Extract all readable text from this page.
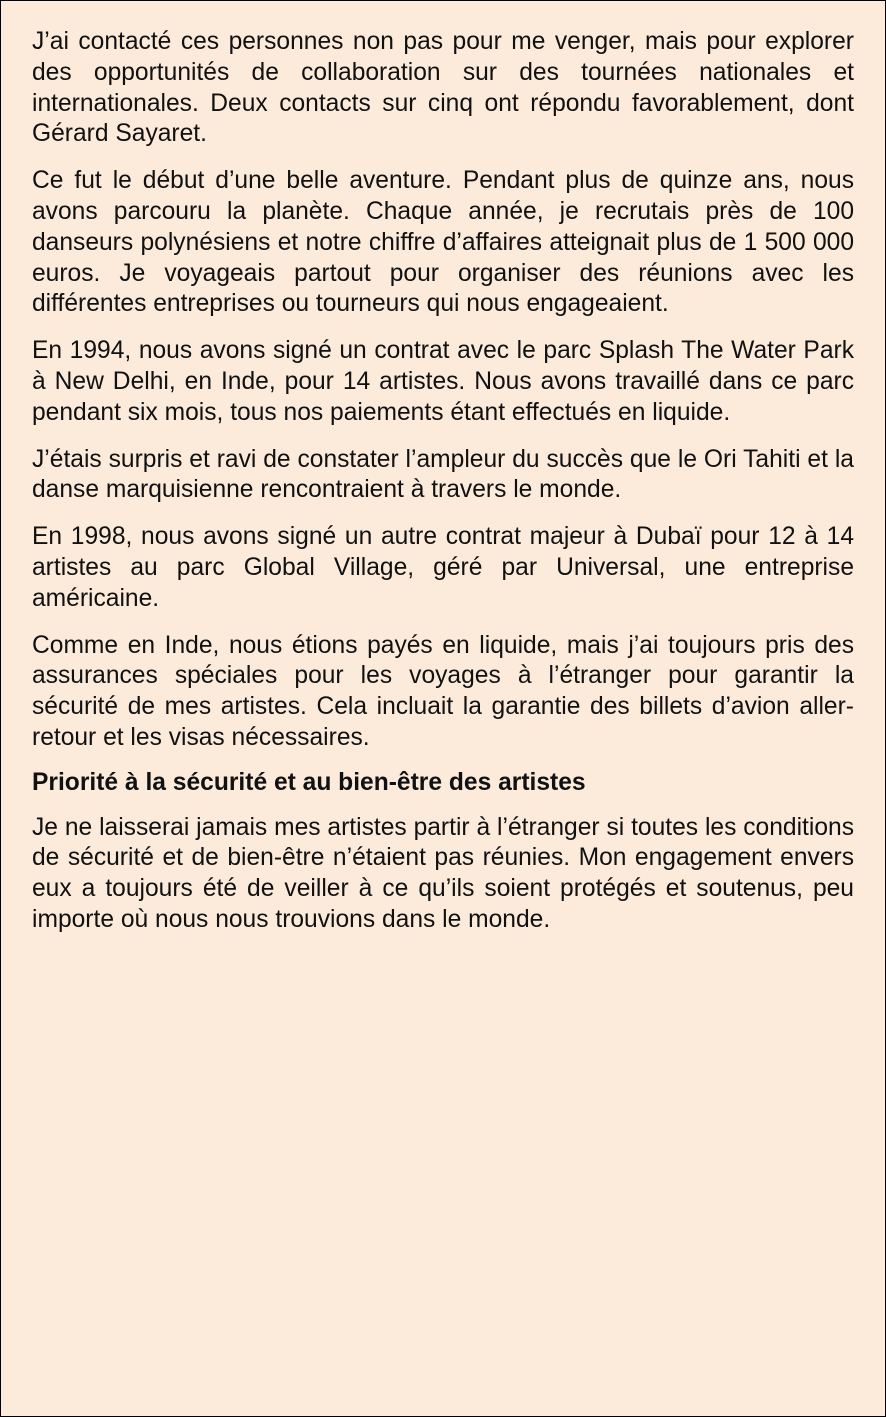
J’ai contacté ces personnes non pas pour me venger, mais pour explorer des opportunités de collaboration sur des tournées nationales et internationales. Deux contacts sur cinq ont répondu favorablement, dont Gérard Sayaret.

Ce fut le début d’une belle aventure. Pendant plus de quinze ans, nous avons parcouru la planète. Chaque année, je recrutais près de 100 danseurs polynésiens et notre chiffre d’affaires atteignait plus de 1 500 000 euros. Je voyageais partout pour organiser des réunions avec les différentes entreprises ou tourneurs qui nous engageaient.

En 1994, nous avons signé un contrat avec le parc Splash The Water Park à New Delhi, en Inde, pour 14 artistes. Nous avons travaillé dans ce parc pendant six mois, tous nos paiements étant effectués en liquide.

J’étais surpris et ravi de constater l’ampleur du succès que le Ori Tahiti et la danse marquisienne rencontraient à travers le monde.

En 1998, nous avons signé un autre contrat majeur à Dubaï pour 12 à 14 artistes au parc Global Village, géré par Universal, une entreprise américaine.

Comme en Inde, nous étions payés en liquide, mais j’ai toujours pris des assurances spéciales pour les voyages à l’étranger pour garantir la sécurité de mes artistes. Cela incluait la garantie des billets d’avion aller-retour et les visas nécessaires.

Priorité à la sécurité et au bien-être des artistes

Je ne laisserai jamais mes artistes partir à l’étranger si toutes les conditions de sécurité et de bien-être n’étaient pas réunies. Mon engagement envers eux a toujours été de veiller à ce qu’ils soient protégés et soutenus, peu importe où nous nous trouvions dans le monde.
